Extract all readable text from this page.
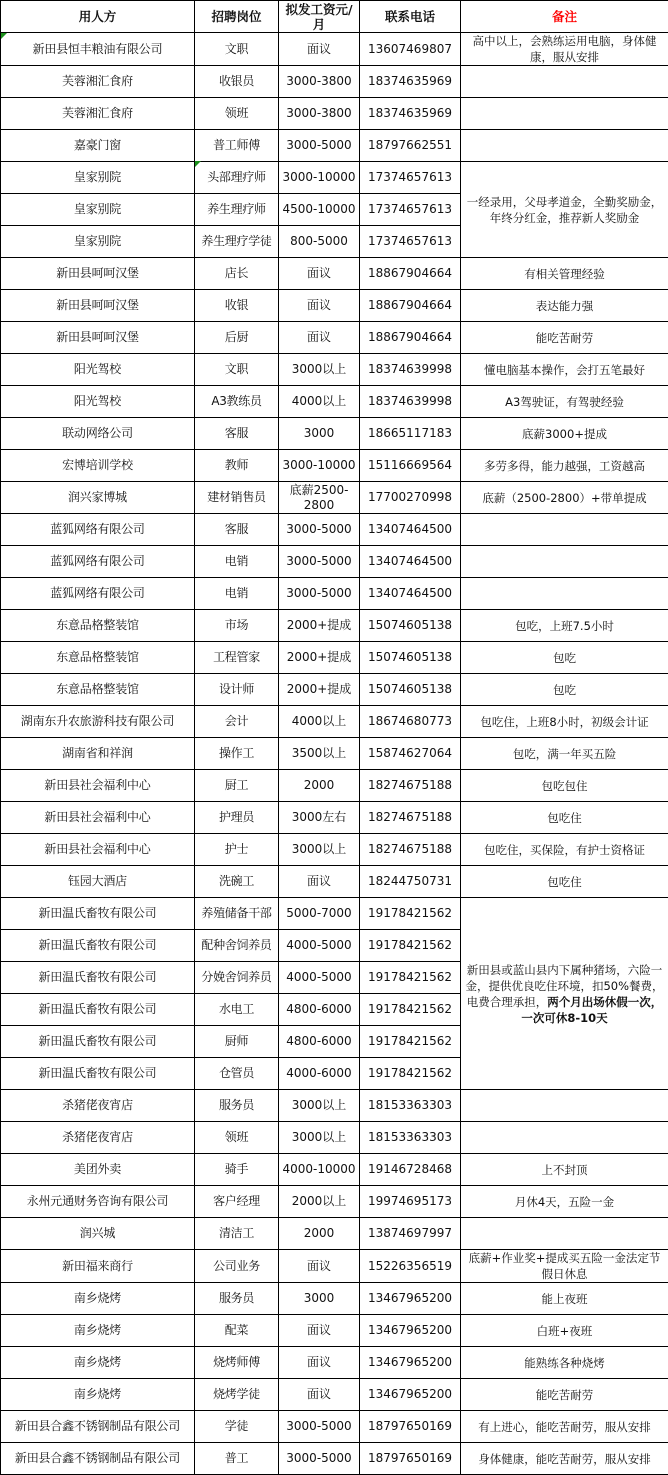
用人方	招聘岗位	拟发工资元/月	联系电话	备注
新田县恒丰粮油有限公司	文职	面议	13607469807	高中以上，会熟练运用电脑，身体健康，服从安排
芙蓉湘汇食府	收银员	3000-3800	18374635969	
芙蓉湘汇食府	领班	3000-3800	18374635969	
嘉豪门窗	普工师傅	3000-5000	18797662551	
皇家别院	头部理疗师	3000-10000	17374657613	一经录用，父母孝道金，全勤奖励金，年终分红金，推荐新人奖励金
皇家别院	养生理疗师	4500-10000	17374657613	
皇家别院	养生理疗学徒	800-5000	17374657613	
新田县呵呵汉堡	店长	面议	18867904664	有相关管理经验
新田县呵呵汉堡	收银	面议	18867904664	表达能力强
新田县呵呵汉堡	后厨	面议	18867904664	能吃苦耐劳
阳光驾校	文职	3000以上	18374639998	懂电脑基本操作，会打五笔最好
阳光驾校	A3教练员	4000以上	18374639998	A3驾驶证，有驾驶经验
联动网络公司	客服	3000	18665117183	底薪3000+提成
宏博培训学校	教师	3000-10000	15116669564	多劳多得，能力越强，工资越高
润兴家博城	建材销售员	底薪2500-2800	17700270998	底薪（2500-2800）+带单提成
蓝狐网络有限公司	客服	3000-5000	13407464500	
蓝狐网络有限公司	电销	3000-5000	13407464500	
蓝狐网络有限公司	电销	3000-5000	13407464500	
东意品格整装馆	市场	2000+提成	15074605138	包吃，上班7.5小时
东意品格整装馆	工程管家	2000+提成	15074605138	包吃
东意品格整装馆	设计师	2000+提成	15074605138	包吃
湖南东升农旅游科技有限公司	会计	4000以上	18674680773	包吃住，上班8小时，初级会计证
湖南省和祥润	操作工	3500以上	15874627064	包吃，满一年买五险
新田县社会福利中心	厨工	2000	18274675188	包吃包住
新田县社会福利中心	护理员	3000左右	18274675188	包吃住
新田县社会福利中心	护士	3000以上	18274675188	包吃住，买保险，有护士资格证
钰园大酒店	洗碗工	面议	18244750731	包吃住
新田温氏畜牧有限公司	养殖储备干部	5000-7000	19178421562	新田县或蓝山县内下属种猪场，六险一金，提供优良吃住环境，扣50%餐费，电费合理承担，两个月出场休假一次，一次可休8-10天
新田温氏畜牧有限公司	配种舍饲养员	4000-5000	19178421562	
新田温氏畜牧有限公司	分娩舍饲养员	4000-5000	19178421562	
新田温氏畜牧有限公司	水电工	4800-6000	19178421562	
新田温氏畜牧有限公司	厨师	4800-6000	19178421562	
新田温氏畜牧有限公司	仓管员	4000-6000	19178421562	
杀猪佬夜宵店	服务员	3000以上	18153363303	
杀猪佬夜宵店	领班	3000以上	18153363303	
美团外卖	骑手	4000-10000	19146728468	上不封顶
永州元通财务咨询有限公司	客户经理	2000以上	19974695173	月休4天，五险一金
润兴城	清洁工	2000	13874697997	
新田福来商行	公司业务	面议	15226356519	底薪+作业奖+提成买五险一金法定节假日休息
南乡烧烤	服务员	3000	13467965200	能上夜班
南乡烧烤	配菜	面议	13467965200	白班+夜班
南乡烧烤	烧烤师傅	面议	13467965200	能熟练各种烧烤
南乡烧烤	烧烤学徒	面议	13467965200	能吃苦耐劳
新田县合鑫不锈钢制品有限公司	学徒	3000-5000	18797650169	有上进心，能吃苦耐劳，服从安排
新田县合鑫不锈钢制品有限公司	普工	3000-5000	18797650169	身体健康，能吃苦耐劳，服从安排
